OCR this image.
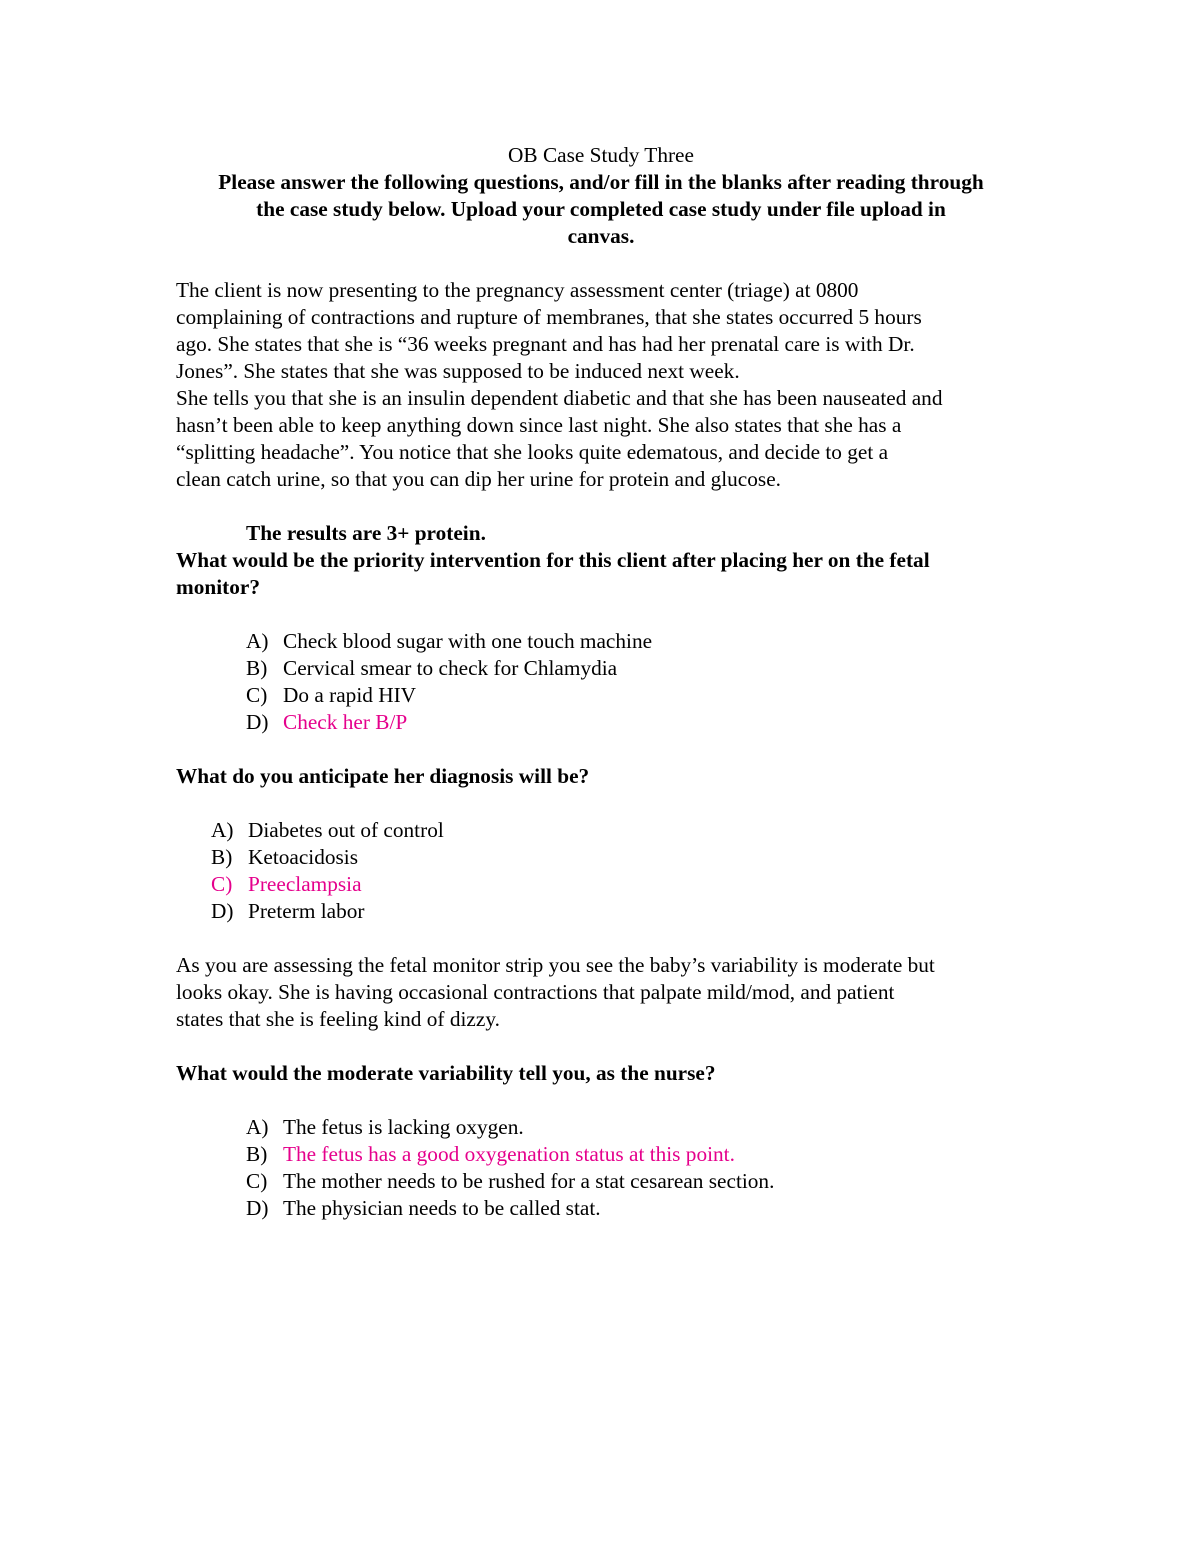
OB Case Study Three

Please answer the following questions, and/or fill in the blanks after reading through

the case study below. Upload your completed case study under file upload in

canvas.

The client is now presenting to the pregnancy assessment center (triage) at 0800

complaining of contractions and rupture of membranes, that she states occurred 5 hours

ago. She states that she is “36 weeks pregnant and has had her prenatal care is with Dr.

Jones”. She states that she was supposed to be induced next week.

She tells you that she is an insulin dependent diabetic and that she has been nauseated and

hasn’t been able to keep anything down since last night. She also states that she has a

“splitting headache”. You notice that she looks quite edematous, and decide to get a

clean catch urine, so that you can dip her urine for protein and glucose.

The results are 3+ protein.

What would be the priority intervention for this client after placing her on the fetal

monitor?

A) Check blood sugar with one touch machine
B) Cervical smear to check for Chlamydia
C) Do a rapid HIV
D) Check her B/P

What do you anticipate her diagnosis will be?

A) Diabetes out of control
B) Ketoacidosis
C) Preeclampsia
D) Preterm labor

As you are assessing the fetal monitor strip you see the baby’s variability is moderate but

looks okay. She is having occasional contractions that palpate mild/mod, and patient

states that she is feeling kind of dizzy.

What would the moderate variability tell you, as the nurse?

A) The fetus is lacking oxygen.
B) The fetus has a good oxygenation status at this point.
C) The mother needs to be rushed for a stat cesarean section.
D) The physician needs to be called stat.
